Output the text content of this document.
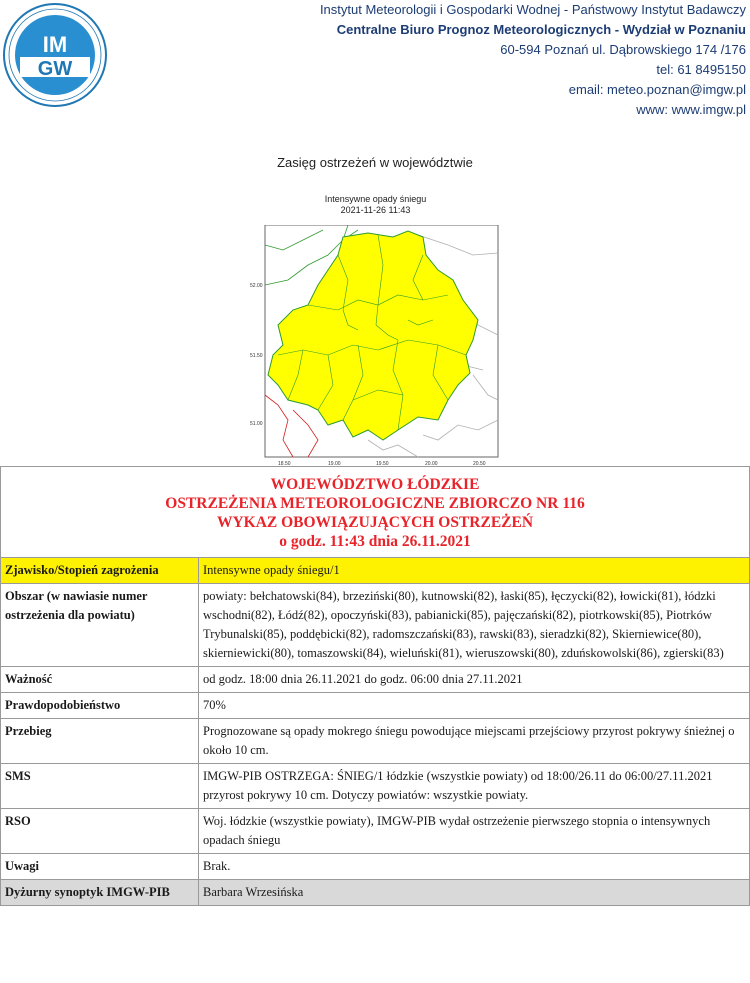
IM
GW
Instytut Meteorologii i Gospodarki Wodnej - Państwowy Instytut Badawczy
Centralne Biuro Prognoz Meteorologicznych - Wydział w Poznaniu
60-594 Poznań ul. Dąbrowskiego 174 /176
tel: 61 8495150
email: meteo.poznan@imgw.pl
www: www.imgw.pl
Zasięg ostrzeżeń w województwie
Intensywne opady śniegu
2021-11-26 11:43
52.00
51.50
51.00
18.50	19.00	19.50	20.00	20.50
WOJEWÓDZTWO ŁÓDZKIE
OSTRZEŻENIA METEOROLOGICZNE ZBIORCZO NR 116
WYKAZ OBOWIĄZUJĄCYCH OSTRZEŻEŃ
o godz. 11:43 dnia 26.11.2021	

Zjawisko/Stopień zagrożenia	Intensywne opady śniegu/1
Obszar (w nawiasie numer ostrzeżenia dla powiatu)	powiaty: bełchatowski(84), brzeziński(80), kutnowski(82), łaski(85), łęczycki(82), łowicki(81), łódzki wschodni(82), Łódź(82), opoczyński(83), pabianicki(85), pajęczański(82), piotrkowski(85), Piotrków Trybunalski(85), poddębicki(82), radomszczański(83), rawski(83), sieradzki(82), Skierniewice(80), skierniewicki(80), tomaszowski(84), wieluński(81), wieruszowski(80), zduńskowolski(86), zgierski(83)
Ważność	od godz. 18:00 dnia 26.11.2021 do godz. 06:00 dnia 27.11.2021
Prawdopodobieństwo	70%
Przebieg	Prognozowane są opady mokrego śniegu powodujące miejscami przejściowy przyrost pokrywy śnieżnej o około 10 cm.
SMS	IMGW-PIB OSTRZEGA: ŚNIEG/1 łódzkie (wszystkie powiaty) od 18:00/26.11 do 06:00/27.11.2021 przyrost pokrywy 10 cm. Dotyczy powiatów: wszystkie powiaty.
RSO	Woj. łódzkie (wszystkie powiaty), IMGW-PIB wydał ostrzeżenie pierwszego stopnia o intensywnych opadach śniegu
Uwagi	Brak.
Dyżurny synoptyk IMGW-PIB	Barbara Wrzesińska
